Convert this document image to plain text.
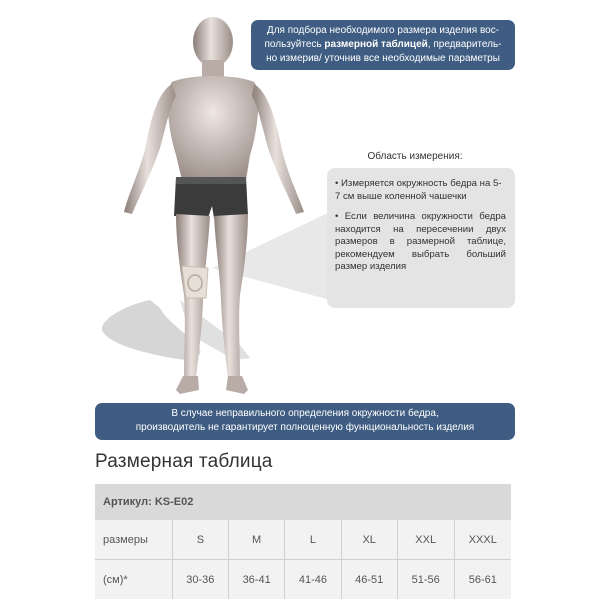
Для подбора необходимого размера изделия вос-
пользуйтесь размерной таблицей, предваритель-
но измерив/ уточнив все необходимые параметры
Область измерения:

• Измеряется окружность бедра на 5-7 см выше коленной чашечки

• Если величина окружности бедра находится на пересечении двух размеров в размерной таблице, рекомендуем выбрать больший размер изделия

В случае неправильного определения окружности бедра,
производитель не гарантирует полноценную функциональность изделия
Размерная таблица
Артикул: KS-E02						
размеры	S	M	L	XL	XXL	XXXL
(см)*	30-36	36-41	41-46	46-51	51-56	56-61
